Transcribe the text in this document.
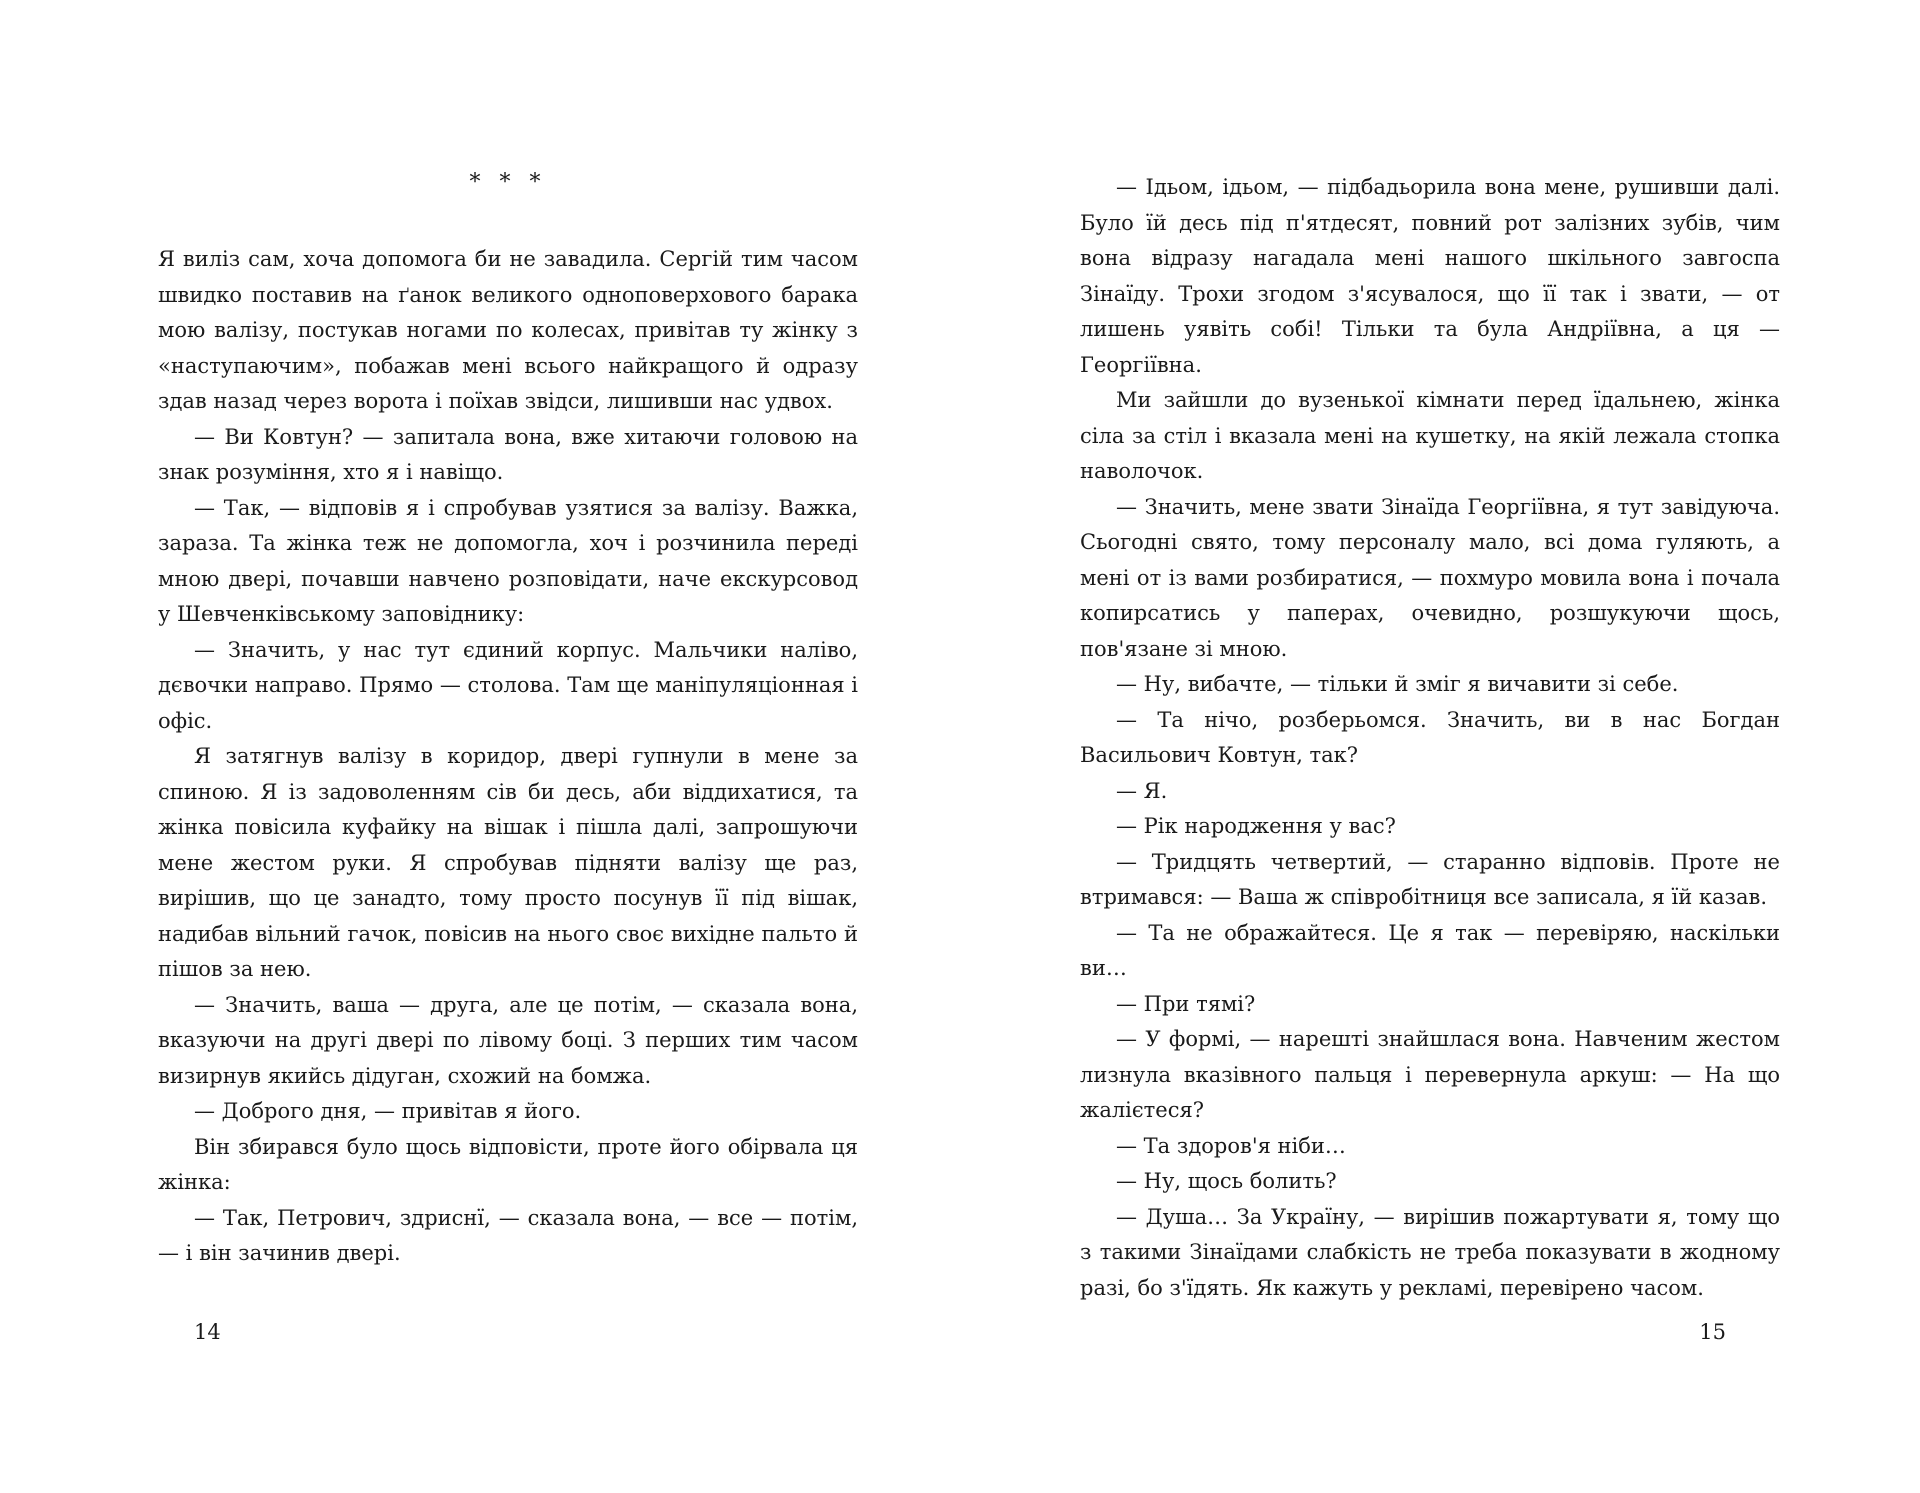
* * *

Я виліз сам, хоча допомога би не завадила. Сергій тим часом швидко поставив на ґанок великого одноповерхового барака мою валізу, постукав ногами по колесах, привітав ту жінку з «наступаючим», побажав мені всього найкращого й одразу здав назад через ворота і поїхав звідси, лишивши нас удвох.

— Ви Ковтун? — запитала вона, вже хитаючи головою на знак розуміння, хто я і навіщо.

— Так, — відповів я і спробував узятися за валізу. Важка, зараза. Та жінка теж не допомогла, хоч і розчинила переді мною двері, почавши навчено розповідати, наче екскурсовод у Шевченківському заповіднику:

— Значить, у нас тут єдиний корпус. Мальчики наліво, дєвочки направо. Прямо — столова. Там ще маніпуляціонная і офіс.

Я затягнув валізу в коридор, двері гупнули в мене за спиною. Я із задоволенням сів би десь, аби віддихатися, та жінка повісила куфайку на вішак і пішла далі, запрошуючи мене жестом руки. Я спробував підняти валізу ще раз, вирішив, що це занадто, тому просто посунув її під вішак, надибав вільний гачок, повісив на нього своє вихідне пальто й пішов за нею.

— Значить, ваша — друга, але це потім, — сказала вона, вказуючи на другі двері по лівому боці. З перших тим часом визирнув якийсь дідуган, схожий на бомжа.

— Доброго дня, — привітав я його.

Він збирався було щось відповісти, проте його обірвала ця жінка:

— Так, Петрович, здриснї, — сказала вона, — все — потім, — і він зачинив двері.

14

— Ідьом, ідьом, — підбадьорила вона мене, рушивши далі. Було їй десь під п'ятдесят, повний рот залізних зубів, чим вона відразу нагадала мені нашого шкільного завгоспа Зінаїду. Трохи згодом з'ясувалося, що її так і звати, — от лишень уявіть собі! Тільки та була Андріївна, а ця — Георгіївна.

Ми зайшли до вузенької кімнати перед їдальнею, жінка сіла за стіл і вказала мені на кушетку, на якій лежала стопка наволочок.

— Значить, мене звати Зінаїда Георгіївна, я тут завідуюча. Сьогодні свято, тому персоналу мало, всі дома гуляють, а мені от із вами розбиратися, — похмуро мовила вона і почала копирсатись у паперах, очевидно, розшукуючи щось, пов'язане зі мною.

— Ну, вибачте, — тільки й зміг я вичавити зі себе.

— Та нічо, розберьомся. Значить, ви в нас Богдан Васильович Ковтун, так?

— Я.

— Рік народження у вас?

— Тридцять четвертий, — старанно відповів. Проте не втримався: — Ваша ж співробітниця все записала, я їй казав.

— Та не ображайтеся. Це я так — перевіряю, наскільки ви…

— При тямі?

— У формі, — нарешті знайшлася вона. Навченим жестом лизнула вказівного пальця і перевернула аркуш: — На що жалієтеся?

— Та здоров'я ніби…

— Ну, щось болить?

— Душа… За Україну, — вирішив пожартувати я, тому що з такими Зінаїдами слабкість не треба показувати в жодному разі, бо з'їдять. Як кажуть у рекламі, перевірено часом.

15
